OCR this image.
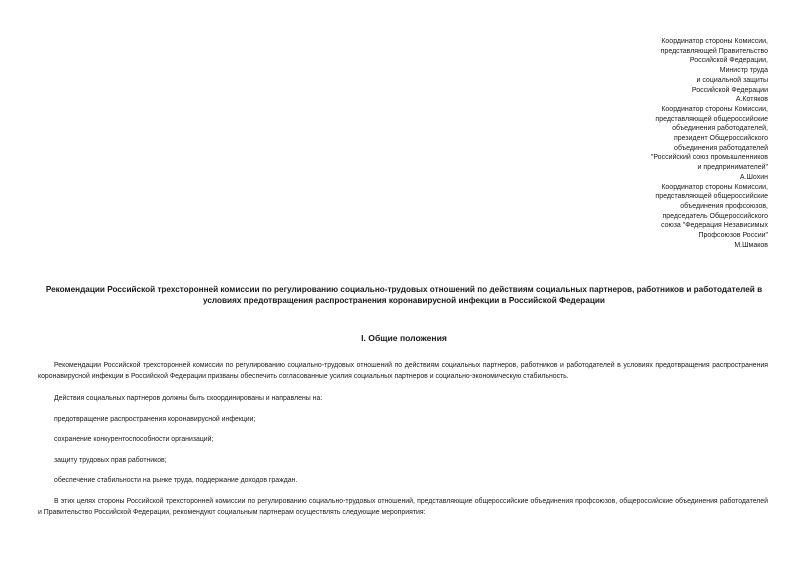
Координатор стороны Комиссии,
представляющей Правительство
Российской Федерации,
Министр труда
и социальной защиты
Российской Федерации
А.Котяков
Координатор стороны Комиссии,
представляющей общероссийские
объединения работодателей,
президент Общероссийского
объединения работодателей
"Российский союз промышленников
и предпринимателей"
А.Шохин
Координатор стороны Комиссии,
представляющей общероссийские
объединения профсоюзов,
председатель Общероссийского
союза "Федерация Независимых
Профсоюзов России"
М.Шмаков
Рекомендации Российской трехсторонней комиссии по регулированию социально-трудовых отношений по действиям социальных партнеров, работников и работодателей в условиях предотвращения распространения коронавирусной инфекции в Российской Федерации
I. Общие положения
Рекомендации Российской трехсторонней комиссии по регулированию социально-трудовых отношений по действиям социальных партнеров, работников и работодателей в условиях предотвращения распространения коронавирусной инфекции в Российской Федерации призваны обеспечить согласованные усилия социальных партнеров и социально-экономическую стабильность.
Действия социальных партнеров должны быть скоординированы и направлены на:
предотвращение распространения коронавирусной инфекции;
сохранение конкурентоспособности организаций;
защиту трудовых прав работников;
обеспечение стабильности на рынке труда, поддержание доходов граждан.
В этих целях стороны Российской трехсторонней комиссии по регулированию социально-трудовых отношений, представляющие общероссийские объединения профсоюзов, общероссийские объединения работодателей и Правительство Российской Федерации, рекомендуют социальным партнерам осуществлять следующие мероприятия:
